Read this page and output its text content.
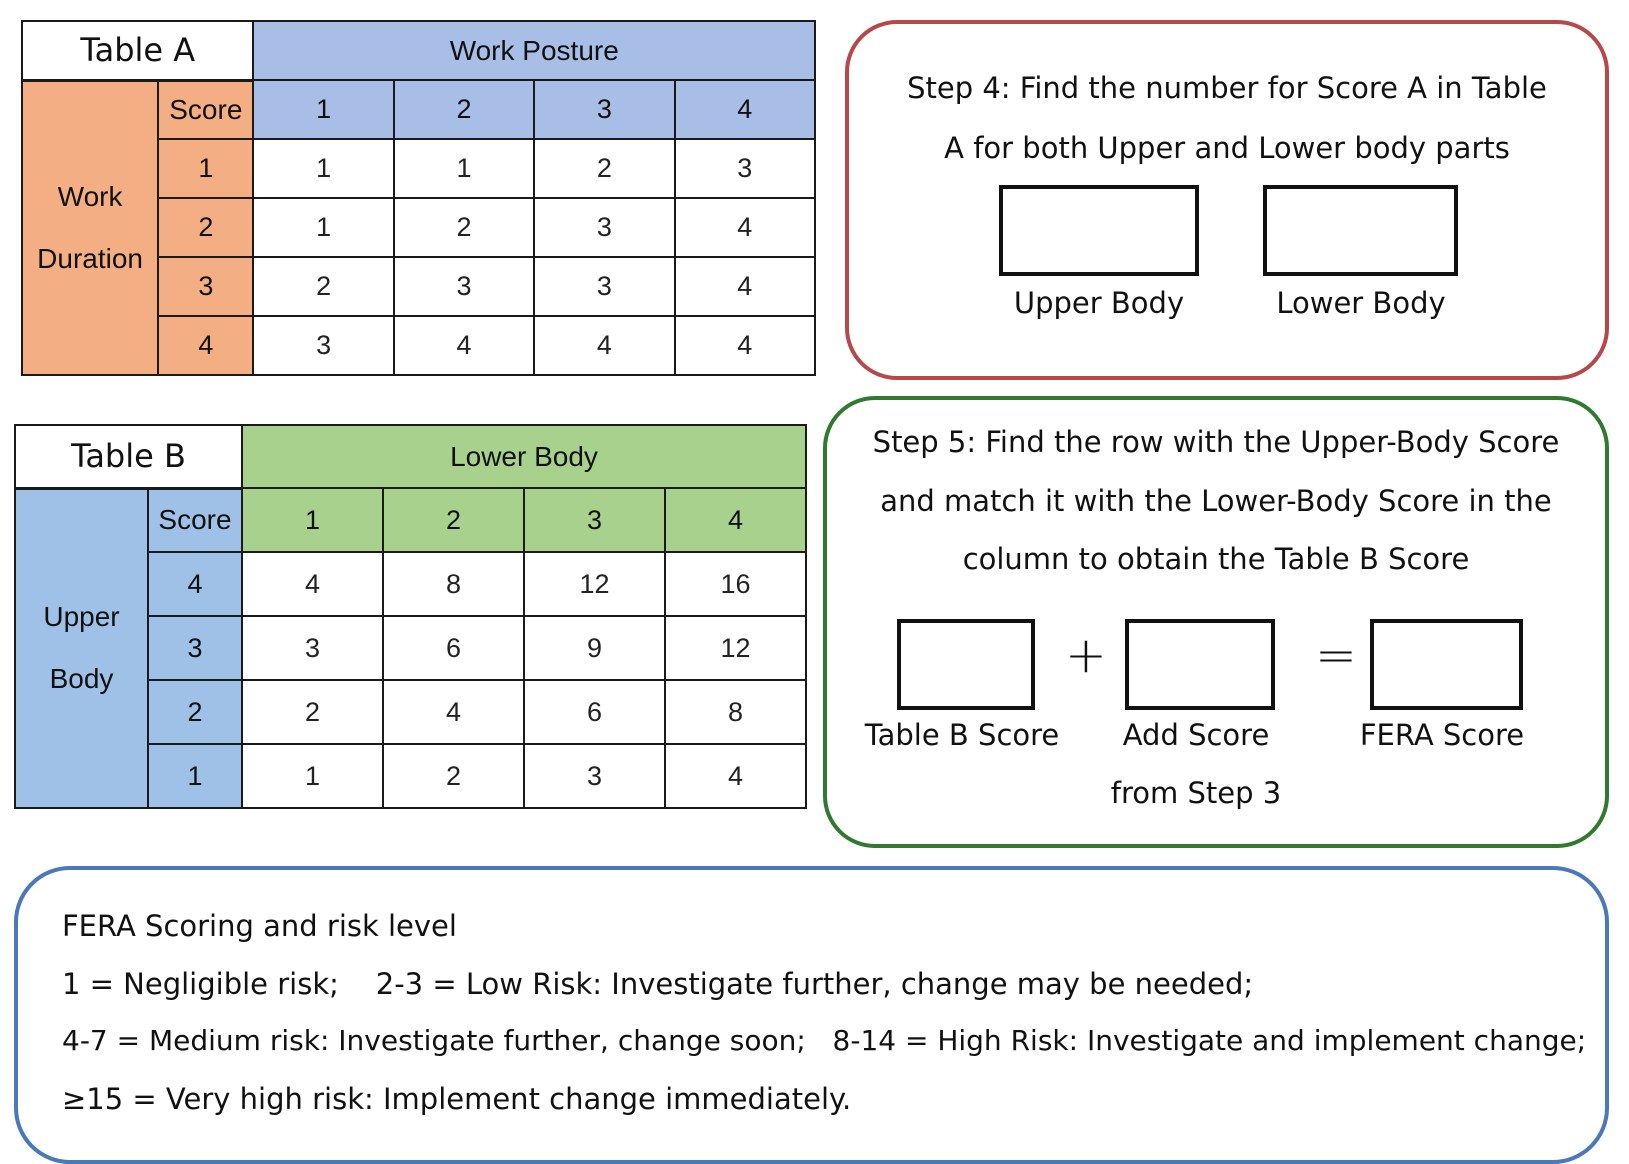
Table A		Work Posture			

Work
Duration	Score	1	2	3	4
	1	1	1	2	3
	2	1	2	3	4
	3	2	3	3	4
	4	3	4	4	4
Table B		Lower Body			

Upper
Body	Score	1	2	3	4
	4	4	8	12	16
	3	3	6	9	12
	2	2	4	6	8
	1	1	2	3	4
Step 4: Find the number for Score A in Table
A for both Upper and Lower body parts
Upper Body	Lower Body
Step 5: Find the row with the Upper-Body Score
and match it with the Lower-Body Score in the
column to obtain the Table B Score
+	=
Table B Score	Add Score
from Step 3
FERA Score
FERA Scoring and risk level
1 = Negligible risk;    2-3 = Low Risk: Investigate further, change may be needed;
4-7 = Medium risk: Investigate further, change soon;   8-14 = High Risk: Investigate and implement change;
≥15 = Very high risk: Implement change immediately.
